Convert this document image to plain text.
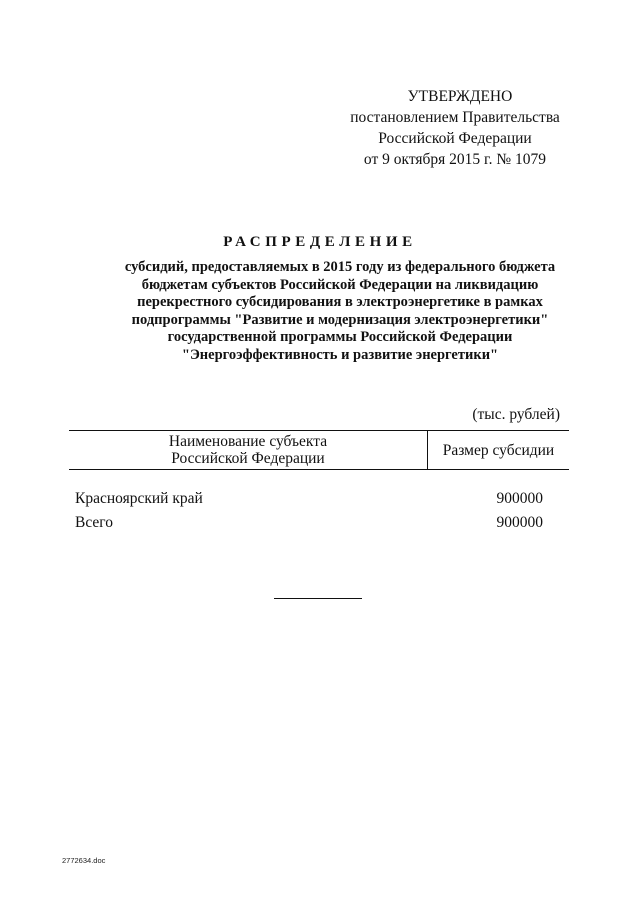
УТВЕРЖДЕНО
постановлением Правительства
Российской Федерации
от 9 октября 2015 г. № 1079
РАСПРЕДЕЛЕНИЕ
субсидий, предоставляемых в 2015 году из федерального бюджета
бюджетам субъектов Российской Федерации на ликвидацию
перекрестного субсидирования в электроэнергетике в рамках
подпрограммы "Развитие и модернизация электроэнергетики"
государственной программы Российской Федерации
"Энергоэффективность и развитие энергетики"
(тыс. рублей)
Наименование субъекта
Российской Федерации	Размер субсидии
Красноярский край	900000
Всего	900000
2772634.doc
